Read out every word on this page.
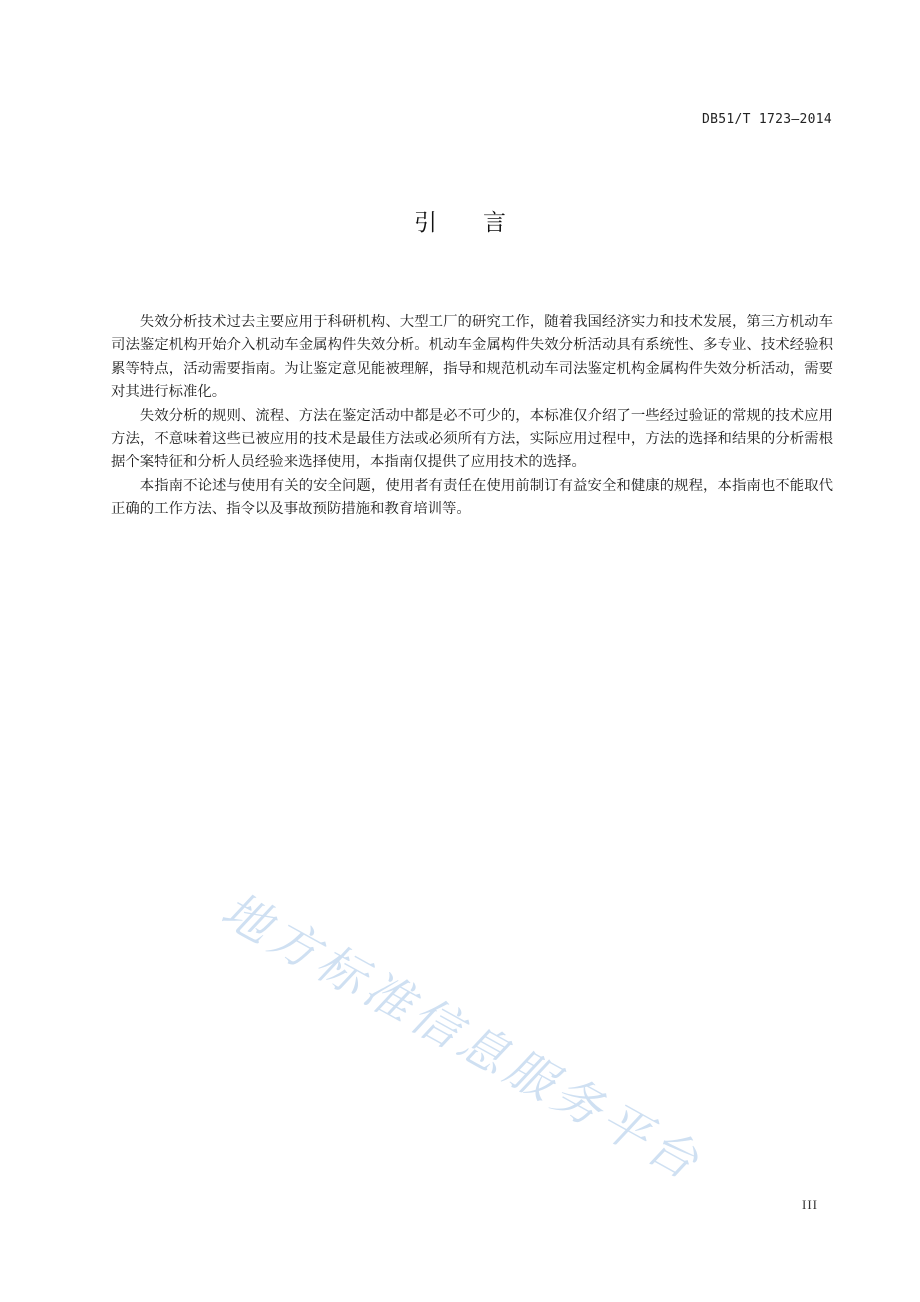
DB51/T 1723—2014
引言

失效分析技术过去主要应用于科研机构、大型工厂的研究工作，随着我国经济实力和技术发展，第三方机动车司法鉴定机构开始介入机动车金属构件失效分析。机动车金属构件失效分析活动具有系统性、多专业、技术经验积累等特点，活动需要指南。为让鉴定意见能被理解，指导和规范机动车司法鉴定机构金属构件失效分析活动，需要对其进行标准化。

失效分析的规则、流程、方法在鉴定活动中都是必不可少的，本标准仅介绍了一些经过验证的常规的技术应用方法，不意味着这些已被应用的技术是最佳方法或必须所有方法，实际应用过程中，方法的选择和结果的分析需根据个案特征和分析人员经验来选择使用，本指南仅提供了应用技术的选择。

本指南不论述与使用有关的安全问题，使用者有责任在使用前制订有益安全和健康的规程，本指南也不能取代正确的工作方法、指令以及事故预防措施和教育培训等。

地方标准信息服务平台
III
